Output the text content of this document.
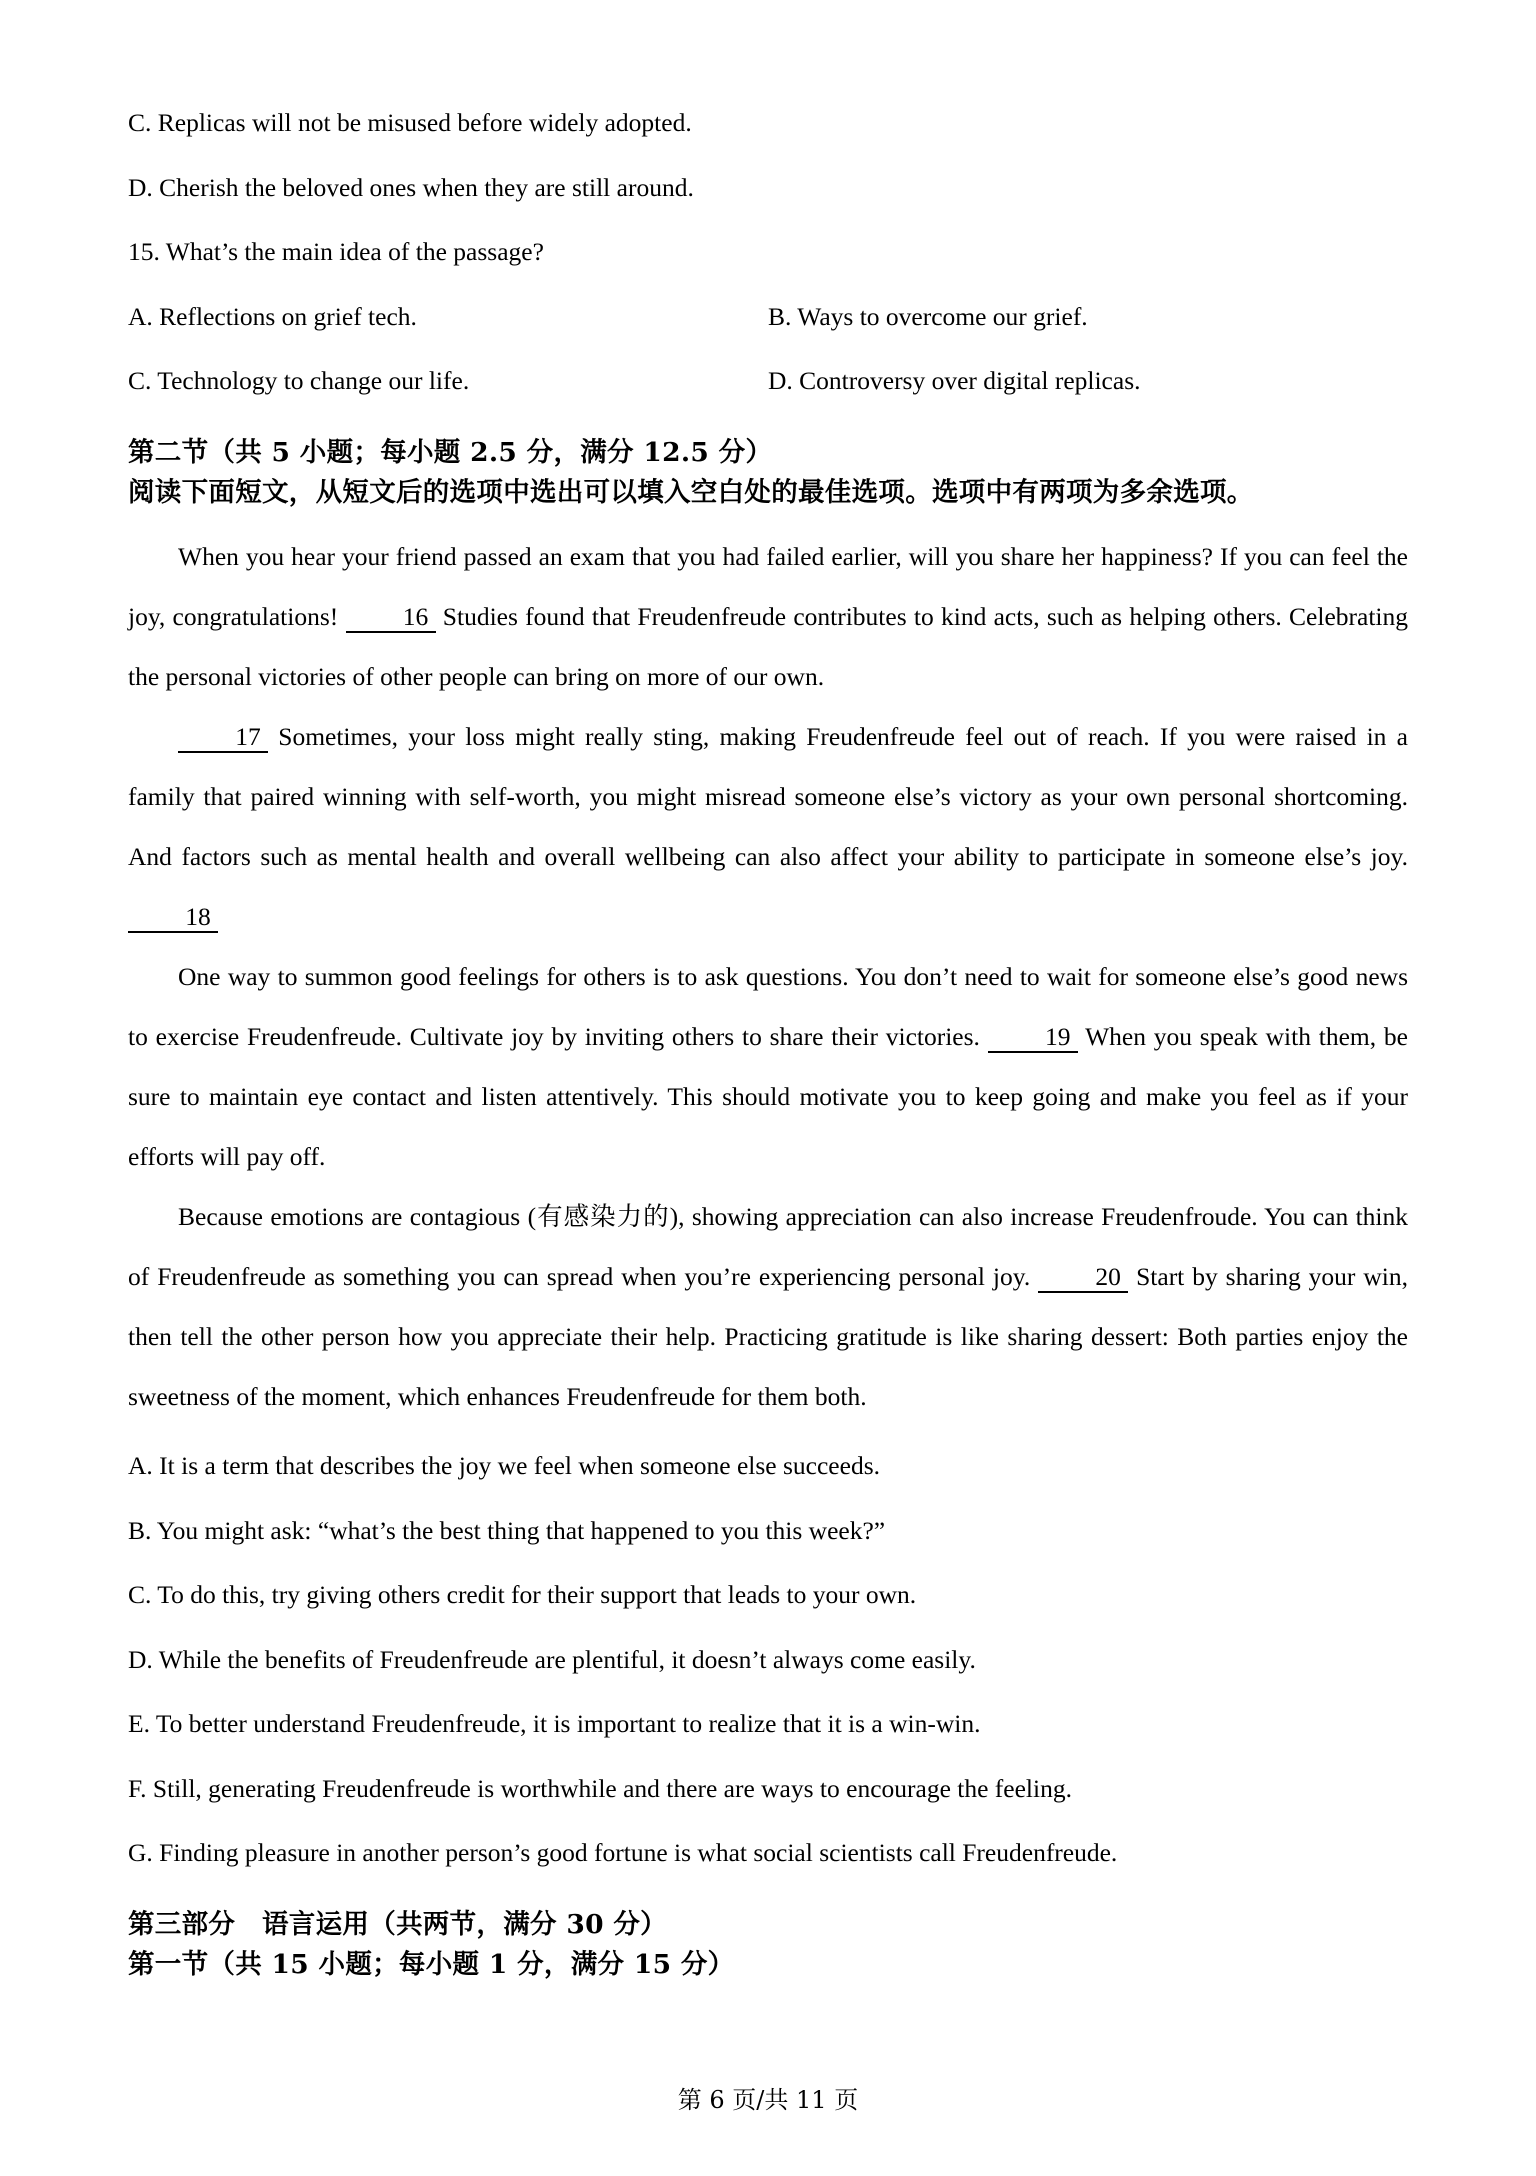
C. Replicas will not be misused before widely adopted.
D. Cherish the beloved ones when they are still around.
15. What’s the main idea of the passage?
A. Reflections on grief tech.	B. Ways to overcome our grief.
C. Technology to change our life.	D. Controversy over digital replicas.
第二节（共 5 小题；每小题 2.5 分，满分 12.5 分）
阅读下面短文，从短文后的选项中选出可以填入空白处的最佳选项。选项中有两项为多余选项。

When you hear your friend passed an exam that you had failed earlier, will you share her happiness? If you can feel the joy, congratulations!	16 Studies found that Freudenfreude contributes to kind acts, such as helping others. Celebrating the personal victories of other people can bring on more of our own.

17 Sometimes, your loss might really sting, making Freudenfreude feel out of reach. If you were raised in a family that paired winning with self-worth, you might misread someone else’s victory as your own personal shortcoming. And factors such as mental health and overall wellbeing can also affect your ability to participate in someone else’s joy. 18

One way to summon good feelings for others is to ask questions. You don’t need to wait for someone else’s good news to exercise Freudenfreude. Cultivate joy by inviting others to share their victories.	19 When you speak with them, be sure to maintain eye contact and listen attentively. This should motivate you to keep going and make you feel as if your efforts will pay off.

Because emotions are contagious (有感染力的), showing appreciation can also increase Freudenfroude. You can think of Freudenfreude as something you can spread when you’re experiencing personal joy.	20 Start by sharing your win, then tell the other person how you appreciate their help. Practicing gratitude is like sharing dessert: Both parties enjoy the sweetness of the moment, which enhances Freudenfreude for them both.

A. It is a term that describes the joy we feel when someone else succeeds.
B. You might ask: “what’s the best thing that happened to you this week?”
C. To do this, try giving others credit for their support that leads to your own.
D. While the benefits of Freudenfreude are plentiful, it doesn’t always come easily.
E. To better understand Freudenfreude, it is important to realize that it is a win-win.
F. Still, generating Freudenfreude is worthwhile and there are ways to encourage the feeling.
G. Finding pleasure in another person’s good fortune is what social scientists call Freudenfreude.
第三部分　语言运用（共两节，满分 30 分）
第一节（共 15 小题；每小题 1 分，满分 15 分）
第 6 页/共 11 页
